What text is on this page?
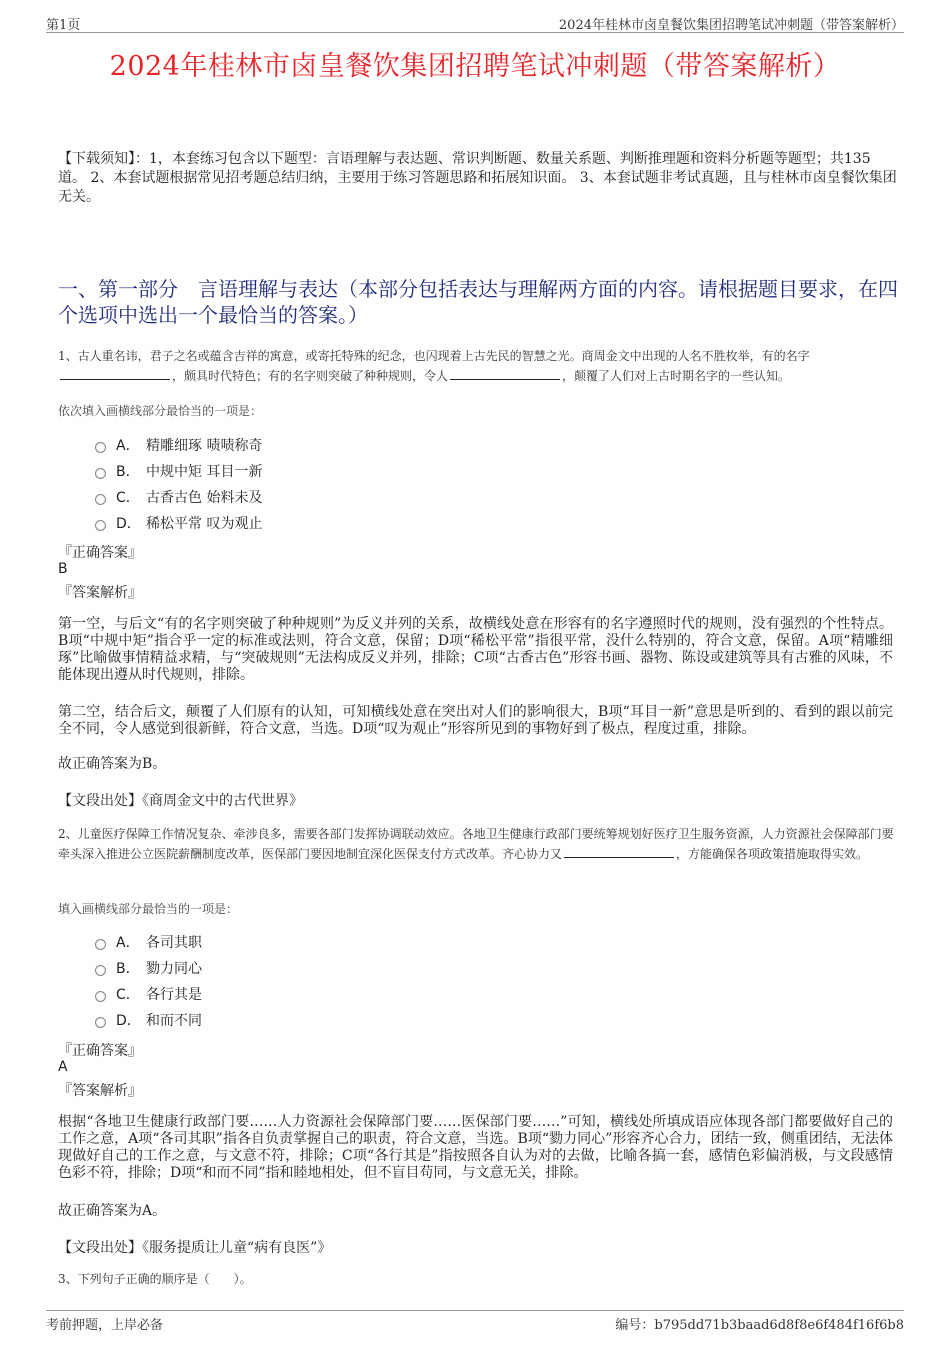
第1页	2024年桂林市卤皇餐饮集团招聘笔试冲刺题（带答案解析）
2024年桂林市卤皇餐饮集团招聘笔试冲刺题（带答案解析）
【下载须知】：1，本套练习包含以下题型：言语理解与表达题、常识判断题、数量关系题、判断推理题和资料分析题等题型；共135道。 2、本套试题根据常见招考题总结归纳，主要用于练习答题思路和拓展知识面。 3、本套试题非考试真题，且与桂林市卤皇餐饮集团无关。
一、第一部分　言语理解与表达（本部分包括表达与理解两方面的内容。请根据题目要求，在四个选项中选出一个最恰当的答案。）
1、古人重名讳，君子之名或蕴含吉祥的寓意，或寄托特殊的纪念，也闪现着上古先民的智慧之光。商周金文中出现的人名不胜枚举，有的名字，颇具时代特色；有的名字则突破了种种规则，令人	，颠覆了人们对上古时期名字的一些认知。
依次填入画横线部分最恰当的一项是：
A． 精雕细琢 啧啧称奇
B． 中规中矩 耳目一新
C． 古香古色 始料未及
D． 稀松平常 叹为观止
『正确答案』
B
『答案解析』
第一空，与后文“有的名字则突破了种种规则”为反义并列的关系，故横线处意在形容有的名字遵照时代的规则，没有强烈的个性特点。B项“中规中矩”指合乎一定的标准或法则，符合文意，保留；D项“稀松平常”指很平常，没什么特别的，符合文意，保留。A项“精雕细琢”比喻做事情精益求精，与“突破规则”无法构成反义并列，排除；C项“古香古色”形容书画、器物、陈设或建筑等具有古雅的风味，不能体现出遵从时代规则，排除。
第二空，结合后文，颠覆了人们原有的认知，可知横线处意在突出对人们的影响很大，B项“耳目一新”意思是听到的、看到的跟以前完全不同，令人感觉到很新鲜，符合文意，当选。D项“叹为观止”形容所见到的事物好到了极点，程度过重，排除。
故正确答案为B。
【文段出处】《商周金文中的古代世界》
2、儿童医疗保障工作情况复杂、牵涉良多，需要各部门发挥协调联动效应。各地卫生健康行政部门要统筹规划好医疗卫生服务资源，人力资源社会保障部门要牵头深入推进公立医院薪酬制度改革，医保部门要因地制宜深化医保支付方式改革。齐心协力又	，方能确保各项政策措施取得实效。
填入画横线部分最恰当的一项是：
A． 各司其职
B． 勠力同心
C． 各行其是
D． 和而不同
『正确答案』
A
『答案解析』
根据“各地卫生健康行政部门要……人力资源社会保障部门要……医保部门要……”可知，横线处所填成语应体现各部门都要做好自己的工作之意，A项“各司其职”指各自负责掌握自己的职责，符合文意，当选。B项“勠力同心”形容齐心合力，团结一致，侧重团结，无法体现做好自己的工作之意，与文意不符，排除；C项“各行其是”指按照各自认为对的去做，比喻各搞一套，感情色彩偏消极，与文段感情色彩不符，排除；D项“和而不同”指和睦地相处，但不盲目苟同，与文意无关，排除。
故正确答案为A。
【文段出处】《服务提质让儿童“病有良医”》
3、下列句子正确的顺序是（　　）。
考前押题，上岸必备	编号：b795dd71b3baad6d8f8e6f484f16f6b8
